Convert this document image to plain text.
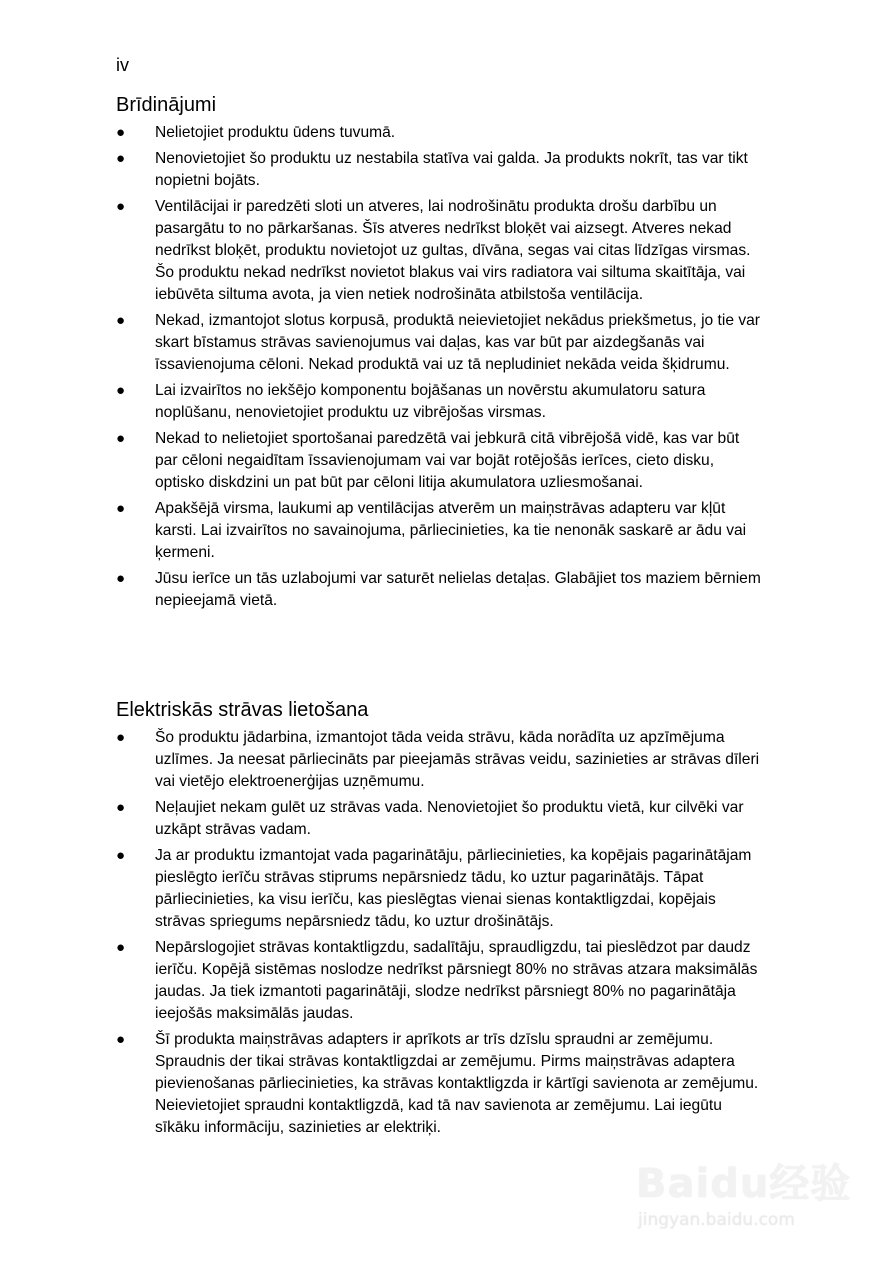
iv
Brīdinājumi
● Nelietojiet produktu ūdens tuvumā.
● Nenovietojiet šo produktu uz nestabila statīva vai galda. Ja produkts nokrīt, tas var tikt nopietni bojāts.
● Ventilācijai ir paredzēti sloti un atveres, lai nodrošinātu produkta drošu darbību un pasargātu to no pārkaršanas. Šīs atveres nedrīkst bloķēt vai aizsegt. Atveres nekad nedrīkst bloķēt, produktu novietojot uz gultas, dīvāna, segas vai citas līdzīgas virsmas. Šo produktu nekad nedrīkst novietot blakus vai virs radiatora vai siltuma skaitītāja, vai iebūvēta siltuma avota, ja vien netiek nodrošināta atbilstoša ventilācija.
● Nekad, izmantojot slotus korpusā, produktā neievietojiet nekādus priekšmetus, jo tie var skart bīstamus strāvas savienojumus vai daļas, kas var būt par aizdegšanās vai īssavienojuma cēloni. Nekad produktā vai uz tā nepludiniet nekāda veida šķidrumu.
● Lai izvairītos no iekšējo komponentu bojāšanas un novērstu akumulatoru satura noplūšanu, nenovietojiet produktu uz vibrējošas virsmas.
● Nekad to nelietojiet sportošanai paredzētā vai jebkurā citā vibrējošā vidē, kas var būt par cēloni negaidītam īssavienojumam vai var bojāt rotējošās ierīces, cieto disku, optisko diskdzini un pat būt par cēloni litija akumulatora uzliesmošanai.
● Apakšējā virsma, laukumi ap ventilācijas atverēm un maiņstrāvas adapteru var kļūt karsti. Lai izvairītos no savainojuma, pārliecinieties, ka tie nenonāk saskarē ar ādu vai ķermeni.
● Jūsu ierīce un tās uzlabojumi var saturēt nelielas detaļas. Glabājiet tos maziem bērniem nepieejamā vietā.
Elektriskās strāvas lietošana
● Šo produktu jādarbina, izmantojot tāda veida strāvu, kāda norādīta uz apzīmējuma uzlīmes. Ja neesat pārliecināts par pieejamās strāvas veidu, sazinieties ar strāvas dīleri vai vietējo elektroenerģijas uzņēmumu.
● Neļaujiet nekam gulēt uz strāvas vada. Nenovietojiet šo produktu vietā, kur cilvēki var uzkāpt strāvas vadam.
● Ja ar produktu izmantojat vada pagarinātāju, pārliecinieties, ka kopējais pagarinātājam pieslēgto ierīču strāvas stiprums nepārsniedz tādu, ko uztur pagarinātājs. Tāpat pārliecinieties, ka visu ierīču, kas pieslēgtas vienai sienas kontaktligzdai, kopējais strāvas spriegums nepārsniedz tādu, ko uztur drošinātājs.
● Nepārslogojiet strāvas kontaktligzdu, sadalītāju, spraudligzdu, tai pieslēdzot par daudz ierīču. Kopējā sistēmas noslodze nedrīkst pārsniegt 80% no strāvas atzara maksimālās jaudas. Ja tiek izmantoti pagarinātāji, slodze nedrīkst pārsniegt 80% no pagarinātāja ieejošās maksimālās jaudas.
● Šī produkta maiņstrāvas adapters ir aprīkots ar trīs dzīslu spraudni ar zemējumu. Spraudnis der tikai strāvas kontaktligzdai ar zemējumu. Pirms maiņstrāvas adaptera pievienošanas pārliecinieties, ka strāvas kontaktligzda ir kārtīgi savienota ar zemējumu. Neievietojiet spraudni kontaktligzdā, kad tā nav savienota ar zemējumu. Lai iegūtu sīkāku informāciju, sazinieties ar elektriķi.
Baidu经验
jingyan.baidu.com
